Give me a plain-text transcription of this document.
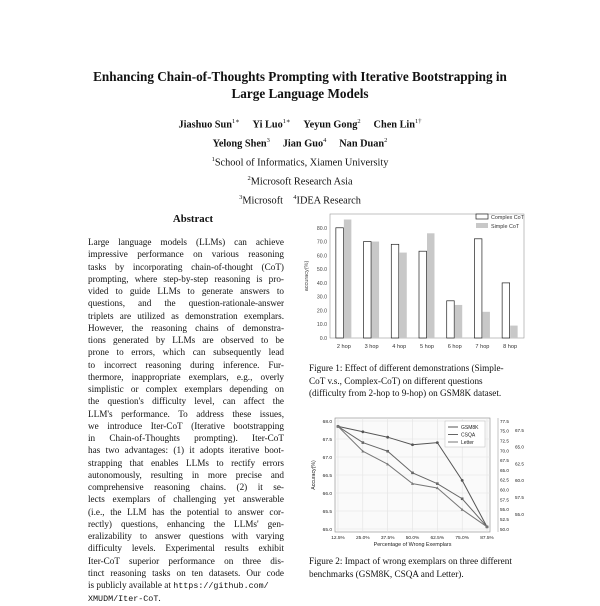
Enhancing Chain-of-Thoughts Prompting with Iterative Bootstrapping in
Large Language Models
Jiashuo Sun$^{1∗}$ Yi Luo$^{1∗}$ Yeyun Gong$^2$ Chen Lin$^{1\dagger}$
Yelong Shen$^3$ Jian Guo$^4$ Nan Duan$^2$
$^1$School of Informatics, Xiamen University
$^2$Microsoft Research Asia
$^3$Microsoft $^4$IDEA Research
Abstract
Large language models (LLMs) can achieve
impressive performance on various reasoning
tasks by incorporating chain-of-thought (CoT)
prompting, where step-by-step reasoning is pro-
vided to guide LLMs to generate answers to
questions, and the question-rationale-answer
triplets are utilized as demonstration exemplars.
However, the reasoning chains of demonstra-
tions generated by LLMs are observed to be
prone to errors, which can subsequently lead
to incorrect reasoning during inference. Fur-
thermore, inappropriate exemplars, e.g., overly
simplistic or complex exemplars depending on
the question's difficulty level, can affect the
LLM's performance. To address these issues,
we introduce Iter-CoT (Iterative bootstrapping
in Chain-of-Thoughts prompting). Iter-CoT
has two advantages: (1) it adopts iterative boot-
strapping that enables LLMs to rectify errors
autonomously, resulting in more precise and
comprehensive reasoning chains. (2) it se-
lects exemplars of challenging yet answerable
(i.e., the LLM has the potential to answer cor-
rectly) questions, enhancing the LLMs' gen-
eralizability to answer questions with varying
difficulty levels. Experimental results exhibit
Iter-CoT superior performance on three dis-
tinct reasoning tasks on ten datasets. Our code
is publicly available at https://github.com/
XMUDM/Iter-CoT.
0.0
10.0
20.0
30.0
40.0
50.0
60.0
70.0
80.0
accuracy(%)
2 hop 3 hop 4 hop 5 hop 6 hop 7 hop 8 hop
Complex CoT
Simple CoT
Figure 1: Effect of different demonstrations (Simple-CoT v.s., Complex-CoT) on different questions (difficulty from 2-hop to 9-hop) on GSM8K dataset.
12.5% 25.0% 37.5% 50.0% 62.5% 75.0% 87.5%
65.0
65.5
66.0
66.5
67.0
67.5
68.0
Accuracy(%)
Percentage of Wrong Exemplars
77.5
75.0
72.5
70.0
67.5
65.0
62.5
60.0
57.5
55.0
52.5
50.0
67.5
65.0
62.5
60.0
57.5
55.0
GSM8K
CSQA
Letter
Figure 2: Impact of wrong exemplars on three different benchmarks (GSM8K, CSQA and Letter).
